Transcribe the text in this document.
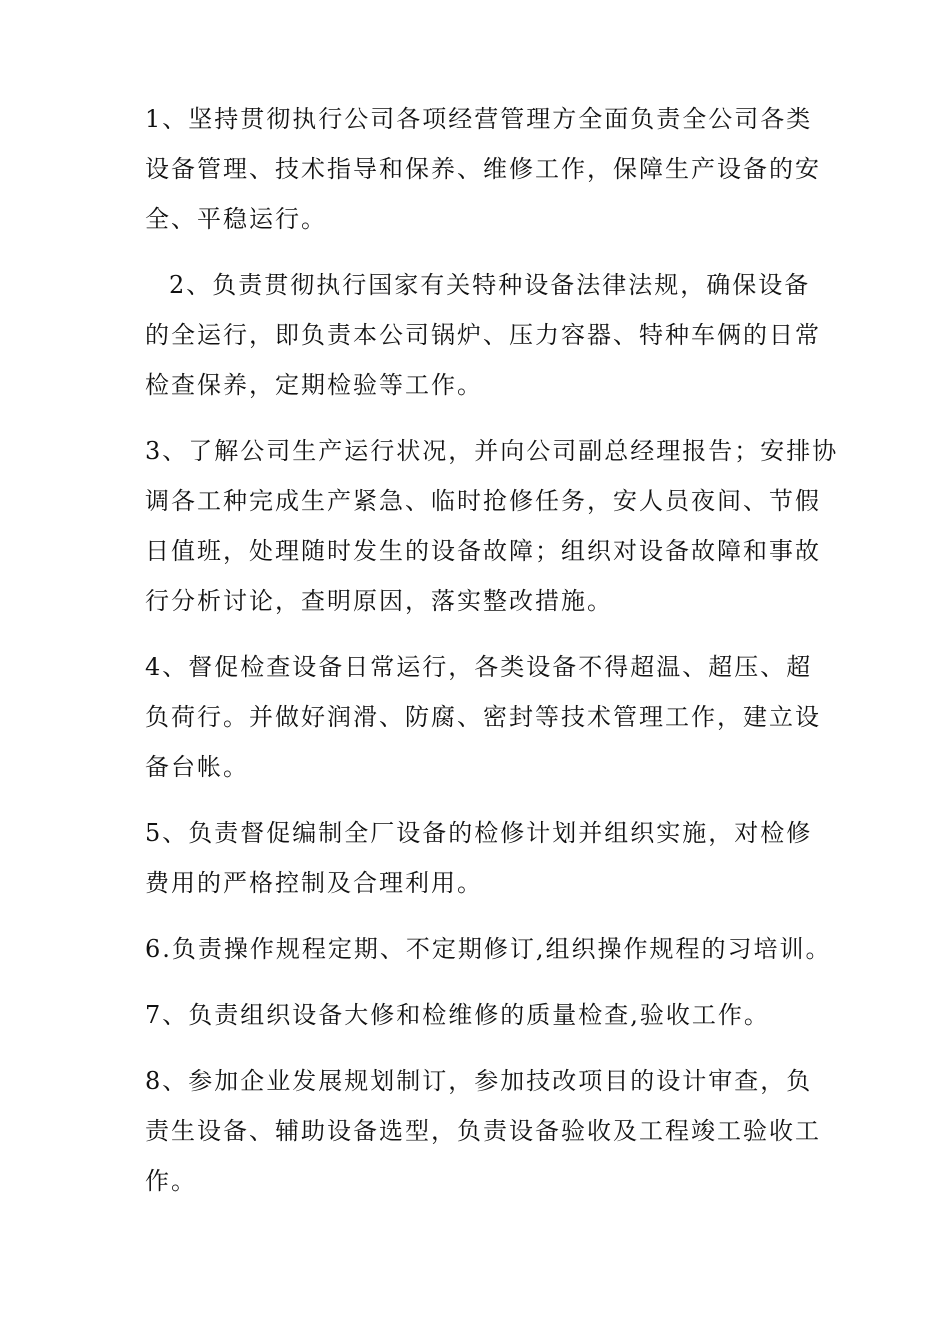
1、坚持贯彻执行公司各项经营管理方全面负责全公司各类
设备管理、技术指导和保养、维修工作，保障生产设备的安
全、平稳运行。
2、负责贯彻执行国家有关特种设备法律法规，确保设备
的全运行，即负责本公司锅炉、压力容器、特种车俩的日常
检查保养，定期检验等工作。
3、了解公司生产运行状况，并向公司副总经理报告；安排协
调各工种完成生产紧急、临时抢修任务，安人员夜间、节假
日值班，处理随时发生的设备故障；组织对设备故障和事故
行分析讨论，查明原因，落实整改措施。
4、督促检查设备日常运行，各类设备不得超温、超压、超
负荷行。并做好润滑、防腐、密封等技术管理工作，建立设
备台帐。
5、负责督促编制全厂设备的检修计划并组织实施，对检修
费用的严格控制及合理利用。
6.负责操作规程定期、不定期修订,组织操作规程的习培训。
7、负责组织设备大修和检维修的质量检查,验收工作。
8、参加企业发展规划制订，参加技改项目的设计审查，负
责生设备、辅助设备选型，负责设备验收及工程竣工验收工
作。
